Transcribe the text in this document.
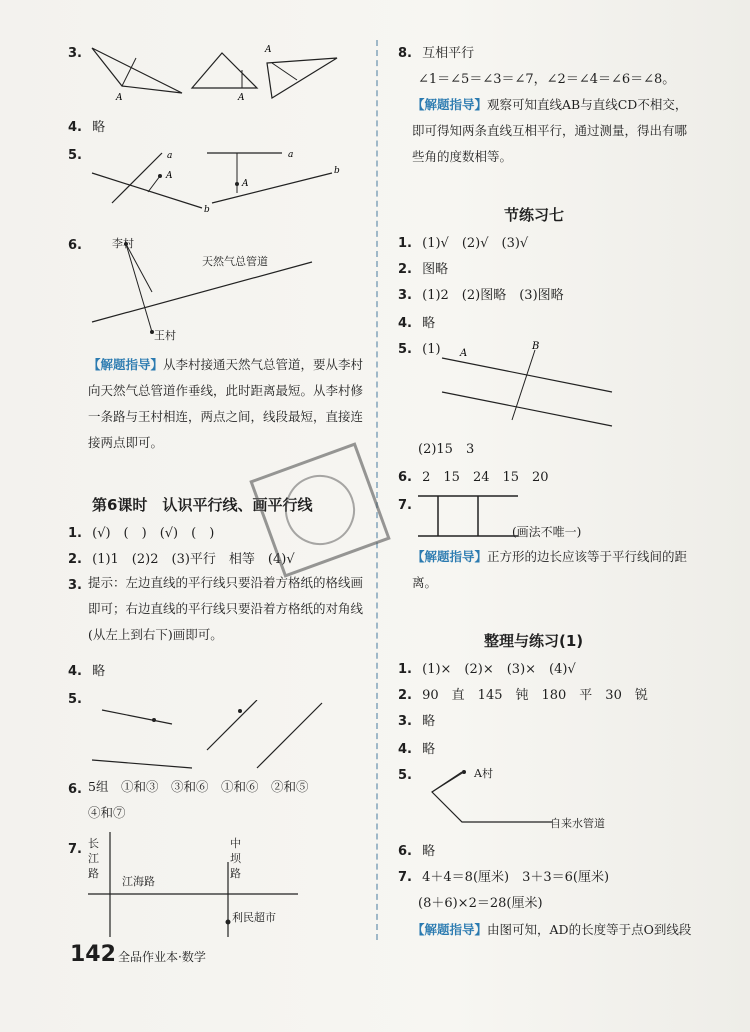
3.
A	A
A
4. 略
5.
A
a
b
a
b
A
6.	李村
天然气总管道
王村
【解题指导】从李村接通天然气总管道，要从李村向天然气总管道作垂线，此时距离最短。从李村修一条路与王村相连，两点之间，线段最短，直接连接两点即可。
第6课时　认识平行线、画平行线
1. (√)　(　)　(√)　(　)
2. (1)1　(2)2　(3)平行　相等　(4)√
3. 提示：左边直线的平行线只要沿着方格纸的格线画即可；右边直线的平行线只要沿着方格纸的对角线(从左上到右下)画即可。
4. 略
5.
6. 5组　①和③　③和⑥　①和⑥　②和⑤　④和⑦
7. 长江路
中坝路
江海路
利民超市
8. 互相平行
∠1＝∠5＝∠3＝∠7，∠2＝∠4＝∠6＝∠8。
【解题指导】观察可知直线AB与直线CD不相交，即可得知两条直线互相平行，通过测量，得出有哪些角的度数相等。
节练习七
1. (1)√　(2)√　(3)√
2. 图略
3. (1)2　(2)图略　(3)图略
4. 略
5. (1) A
B
(2)15　3
6. 2　15　24　15　20
7.
(画法不唯一)
【解题指导】正方形的边长应该等于平行线间的距离。
整理与练习(1)
1. (1)×　(2)×　(3)×　(4)√
2. 90　直　145　钝　180　平　30　锐
3. 略
4. 略
5.	A村
自来水管道
6. 略
7. 4＋4＝8(厘米)　3＋3＝6(厘米)
(8＋6)×2＝28(厘米)
【解题指导】由图可知，AD的长度等于点O到线段
142 全品作业本·数学
